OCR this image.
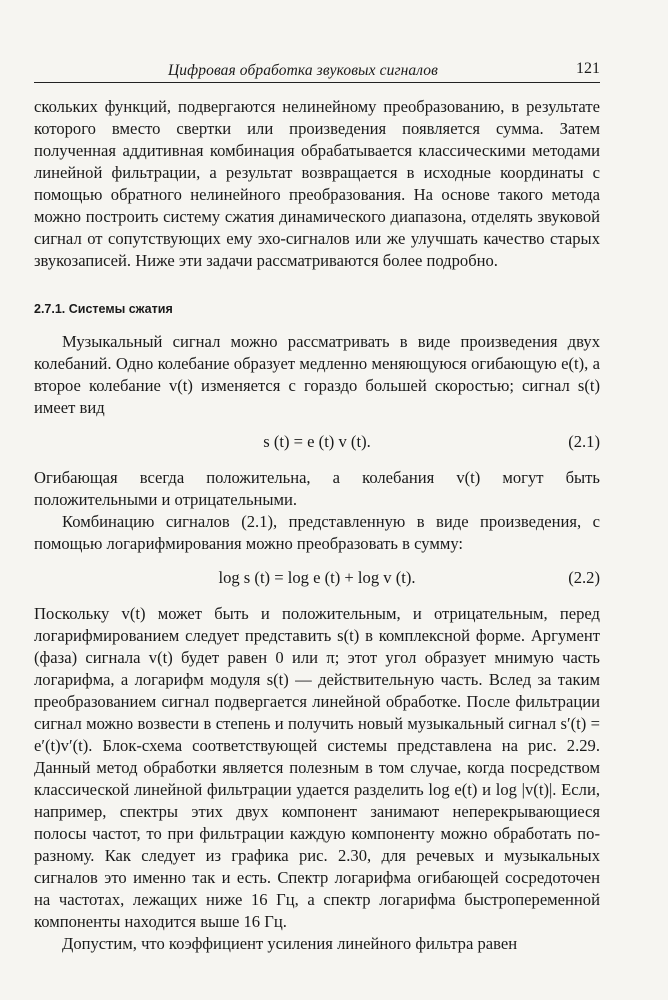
Цифровая обработка звуковых сигналов	121

скольких функций, подвергаются нелинейному преобразованию, в результате которого вместо свертки или произведения появляется сумма. Затем полученная аддитивная комбинация обрабатывается классическими методами линейной фильтрации, а результат возвращается в исходные координаты с помощью обратного нелинейного преобразования. На основе такого метода можно построить систему сжатия динамического диапазона, отделять звуковой сигнал от сопутствующих ему эхо-сигналов или же улучшать качество старых звукозаписей. Ниже эти задачи рассматриваются более подробно.

2.7.1. Системы сжатия

Музыкальный сигнал можно рассматривать в виде произведения двух колебаний. Одно колебание образует медленно меняющуюся огибающую e(t), а второе колебание v(t) изменяется с гораздо большей скоростью; сигнал s(t) имеет вид

s (t) = e (t) v (t).	(2.1)

Огибающая всегда положительна, а колебания v(t) могут быть положительными и отрицательными.

Комбинацию сигналов (2.1), представленную в виде произведения, с помощью логарифмирования можно преобразовать в сумму:

log s (t) = log e (t) + log v (t).	(2.2)

Поскольку v(t) может быть и положительным, и отрицательным, перед логарифмированием следует представить s(t) в комплексной форме. Аргумент (фаза) сигнала v(t) будет равен 0 или π; этот угол образует мнимую часть логарифма, а логарифм модуля s(t) — действительную часть. Вслед за таким преобразованием сигнал подвергается линейной обработке. После фильтрации сигнал можно возвести в степень и получить новый музыкальный сигнал s′(t) = e′(t)v′(t). Блок-схема соответствующей системы представлена на рис. 2.29. Данный метод обработки является полезным в том случае, когда посредством классической линейной фильтрации удается разделить log e(t) и log |v(t)|. Если, например, спектры этих двух компонент занимают неперекрывающиеся полосы частот, то при фильтрации каждую компоненту можно обработать по-разному. Как следует из графика рис. 2.30, для речевых и музыкальных сигналов это именно так и есть. Спектр логарифма огибающей сосредоточен на частотах, лежащих ниже 16 Гц, а спектр логарифма быстропеременной компоненты находится выше 16 Гц.

Допустим, что коэффициент усиления линейного фильтра равен
